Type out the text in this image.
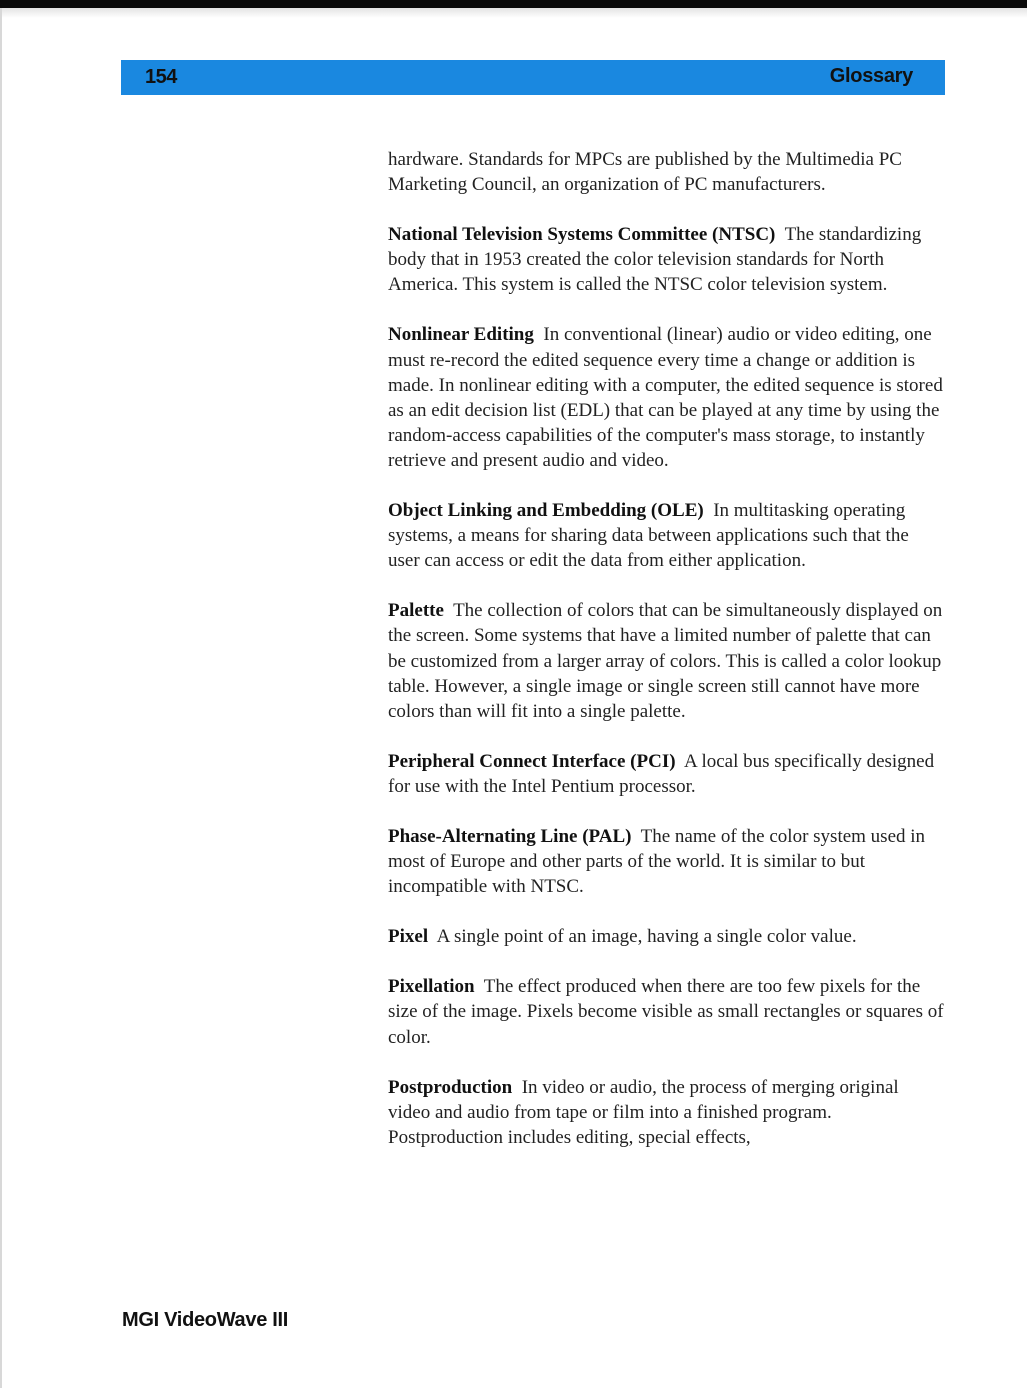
154	Glossary

hardware. Standards for MPCs are published by the Multimedia PC Marketing Council, an organization of PC manufacturers.

National Television Systems Committee (NTSC) The standardizing body that in 1953 created the color television standards for North America. This system is called the NTSC color television system.

Nonlinear Editing In conventional (linear) audio or video editing, one must re-record the edited sequence every time a change or addition is made. In nonlinear editing with a computer, the edited sequence is stored as an edit decision list (EDL) that can be played at any time by using the random-access capabilities of the computer's mass storage, to instantly retrieve and present audio and video.

Object Linking and Embedding (OLE) In multitasking operating systems, a means for sharing data between applications such that the user can access or edit the data from either application.

Palette The collection of colors that can be simultaneously displayed on the screen. Some systems that have a limited number of palette that can be customized from a larger array of colors. This is called a color lookup table. However, a single image or single screen still cannot have more colors than will fit into a single palette.

Peripheral Connect Interface (PCI) A local bus specifically designed for use with the Intel Pentium processor.

Phase-Alternating Line (PAL) The name of the color system used in most of Europe and other parts of the world. It is similar to but incompatible with NTSC.

Pixel A single point of an image, having a single color value.

Pixellation The effect produced when there are too few pixels for the size of the image. Pixels become visible as small rectangles or squares of color.

Postproduction In video or audio, the process of merging original video and audio from tape or film into a finished program. Postproduction includes editing, special effects,

MGI VideoWave III
